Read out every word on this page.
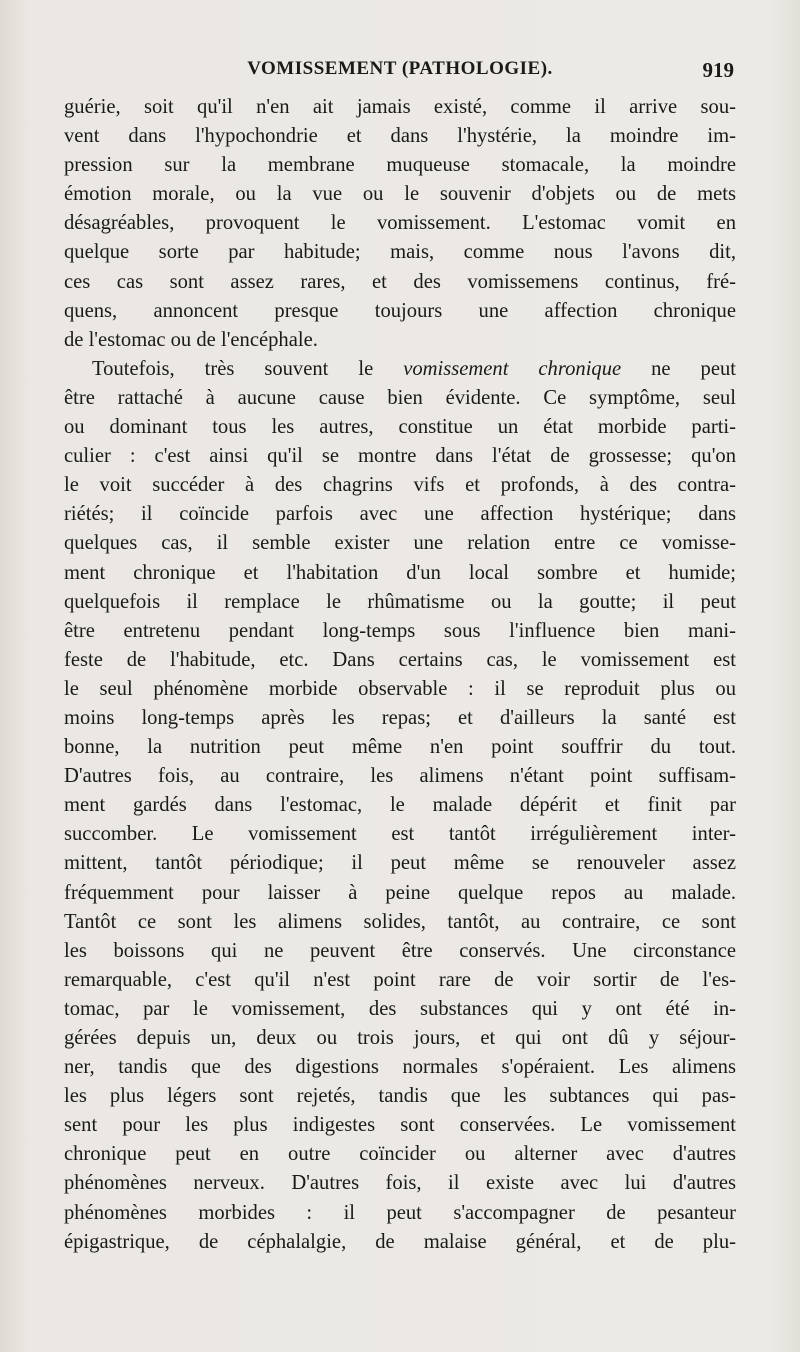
VOMISSEMENT (PATHOLOGIE).	919
guérie, soit qu'il n'en ait jamais existé, comme il arrive sou-
vent dans l'hypochondrie et dans l'hystérie, la moindre im-
pression sur la membrane muqueuse stomacale, la moindre
émotion morale, ou la vue ou le souvenir d'objets ou de mets
désagréables, provoquent le vomissement. L'estomac vomit en
quelque sorte par habitude; mais, comme nous l'avons dit,
ces cas sont assez rares, et des vomissemens continus, fré-
quens, annoncent presque toujours une affection chronique
de l'estomac ou de l'encéphale.
Toutefois, très souvent le vomissement chronique ne peut
être rattaché à aucune cause bien évidente. Ce symptôme, seul
ou dominant tous les autres, constitue un état morbide parti-
culier : c'est ainsi qu'il se montre dans l'état de grossesse; qu'on
le voit succéder à des chagrins vifs et profonds, à des contra-
riétés; il coïncide parfois avec une affection hystérique; dans
quelques cas, il semble exister une relation entre ce vomisse-
ment chronique et l'habitation d'un local sombre et humide;
quelquefois il remplace le rhûmatisme ou la goutte; il peut
être entretenu pendant long-temps sous l'influence bien mani-
feste de l'habitude, etc. Dans certains cas, le vomissement est
le seul phénomène morbide observable : il se reproduit plus ou
moins long-temps après les repas; et d'ailleurs la santé est
bonne, la nutrition peut même n'en point souffrir du tout.
D'autres fois, au contraire, les alimens n'étant point suffisam-
ment gardés dans l'estomac, le malade dépérit et finit par
succomber. Le vomissement est tantôt irrégulièrement inter-
mittent, tantôt périodique; il peut même se renouveler assez
fréquemment pour laisser à peine quelque repos au malade.
Tantôt ce sont les alimens solides, tantôt, au contraire, ce sont
les boissons qui ne peuvent être conservés. Une circonstance
remarquable, c'est qu'il n'est point rare de voir sortir de l'es-
tomac, par le vomissement, des substances qui y ont été in-
gérées depuis un, deux ou trois jours, et qui ont dû y séjour-
ner, tandis que des digestions normales s'opéraient. Les alimens
les plus légers sont rejetés, tandis que les subtances qui pas-
sent pour les plus indigestes sont conservées. Le vomissement
chronique peut en outre coïncider ou alterner avec d'autres
phénomènes nerveux. D'autres fois, il existe avec lui d'autres
phénomènes morbides : il peut s'accompagner de pesanteur
épigastrique, de céphalalgie, de malaise général, et de plu-
